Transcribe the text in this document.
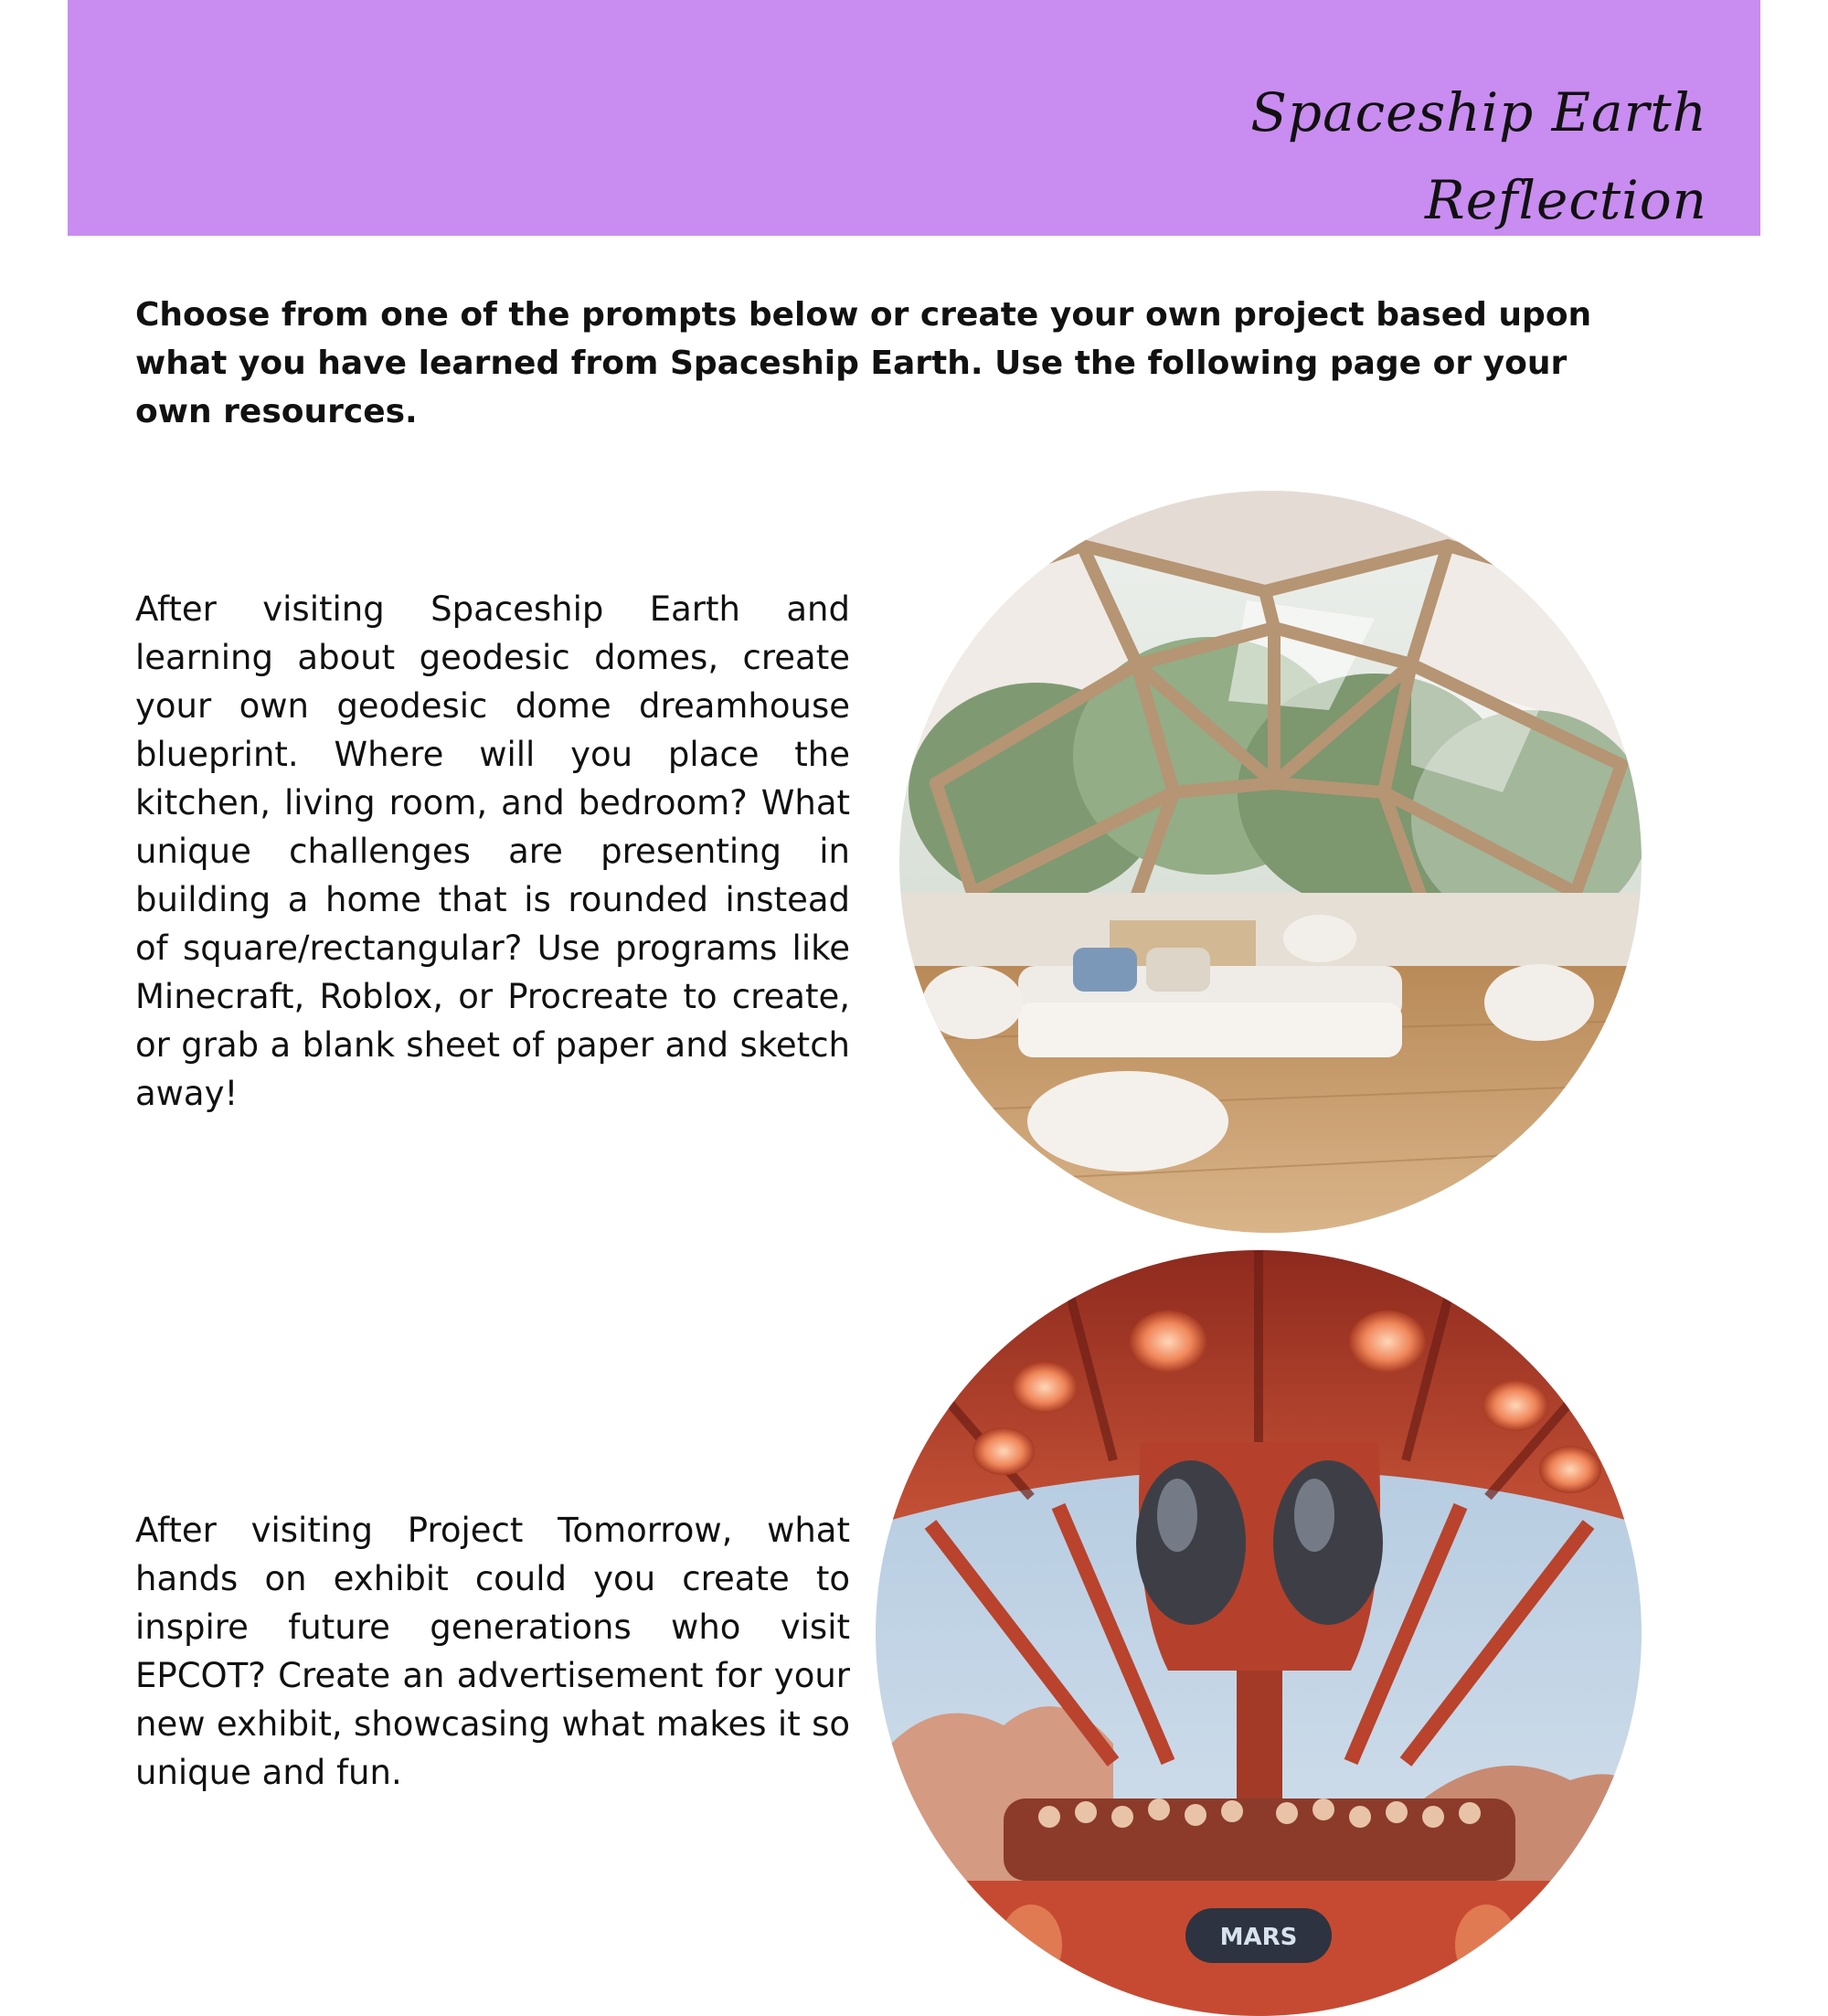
Spaceship Earth
Reflection
Choose from one of the prompts below or create your own project based upon what you have learned from Spaceship Earth. Use the following page or your own resources.
After visiting Spaceship Earth and learning about geodesic domes, create your own geodesic dome dreamhouse blueprint. Where will you place the kitchen, living room, and bedroom? What unique challenges are presenting in building a home that is rounded instead of square/rectangular? Use programs like Minecraft, Roblox, or Procreate to create, or grab a blank sheet of paper and sketch away!
After visiting Project Tomorrow, what hands on exhibit could you create to inspire future generations who visit EPCOT? Create an advertisement for your new exhibit, showcasing what makes it so unique and fun.
MARS
